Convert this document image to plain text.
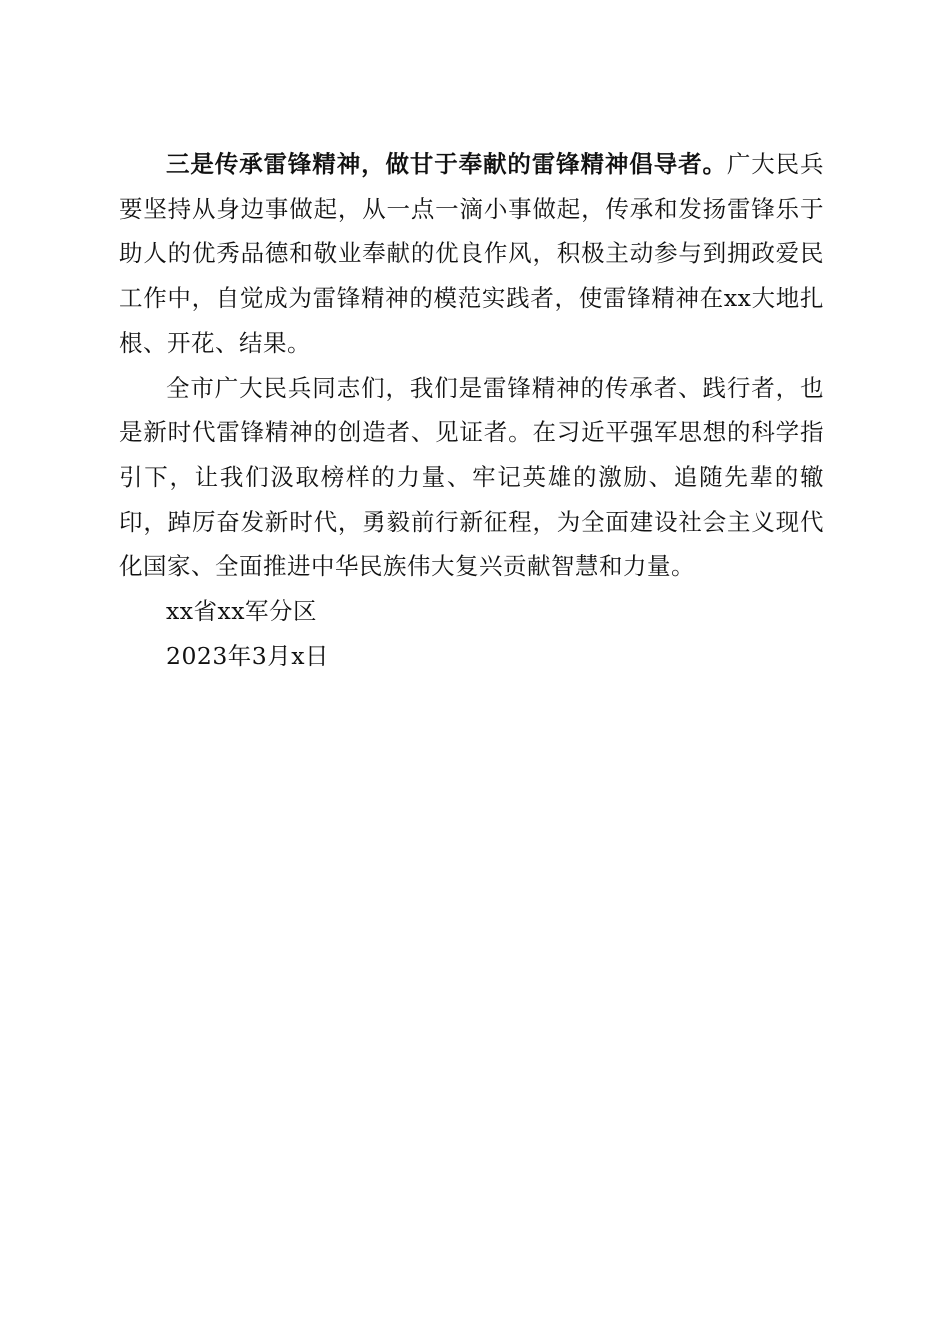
三是传承雷锋精神，做甘于奉献的雷锋精神倡导者。广大民兵要坚持从身边事做起，从一点一滴小事做起，传承和发扬雷锋乐于助人的优秀品德和敬业奉献的优良作风，积极主动参与到拥政爱民工作中，自觉成为雷锋精神的模范实践者，使雷锋精神在xx大地扎根、开花、结果。

全市广大民兵同志们，我们是雷锋精神的传承者、践行者，也是新时代雷锋精神的创造者、见证者。在习近平强军思想的科学指引下，让我们汲取榜样的力量、牢记英雄的激励、追随先辈的辙印，踔厉奋发新时代，勇毅前行新征程，为全面建设社会主义现代化国家、全面推进中华民族伟大复兴贡献智慧和力量。

xx省xx军分区

2023年3月x日
